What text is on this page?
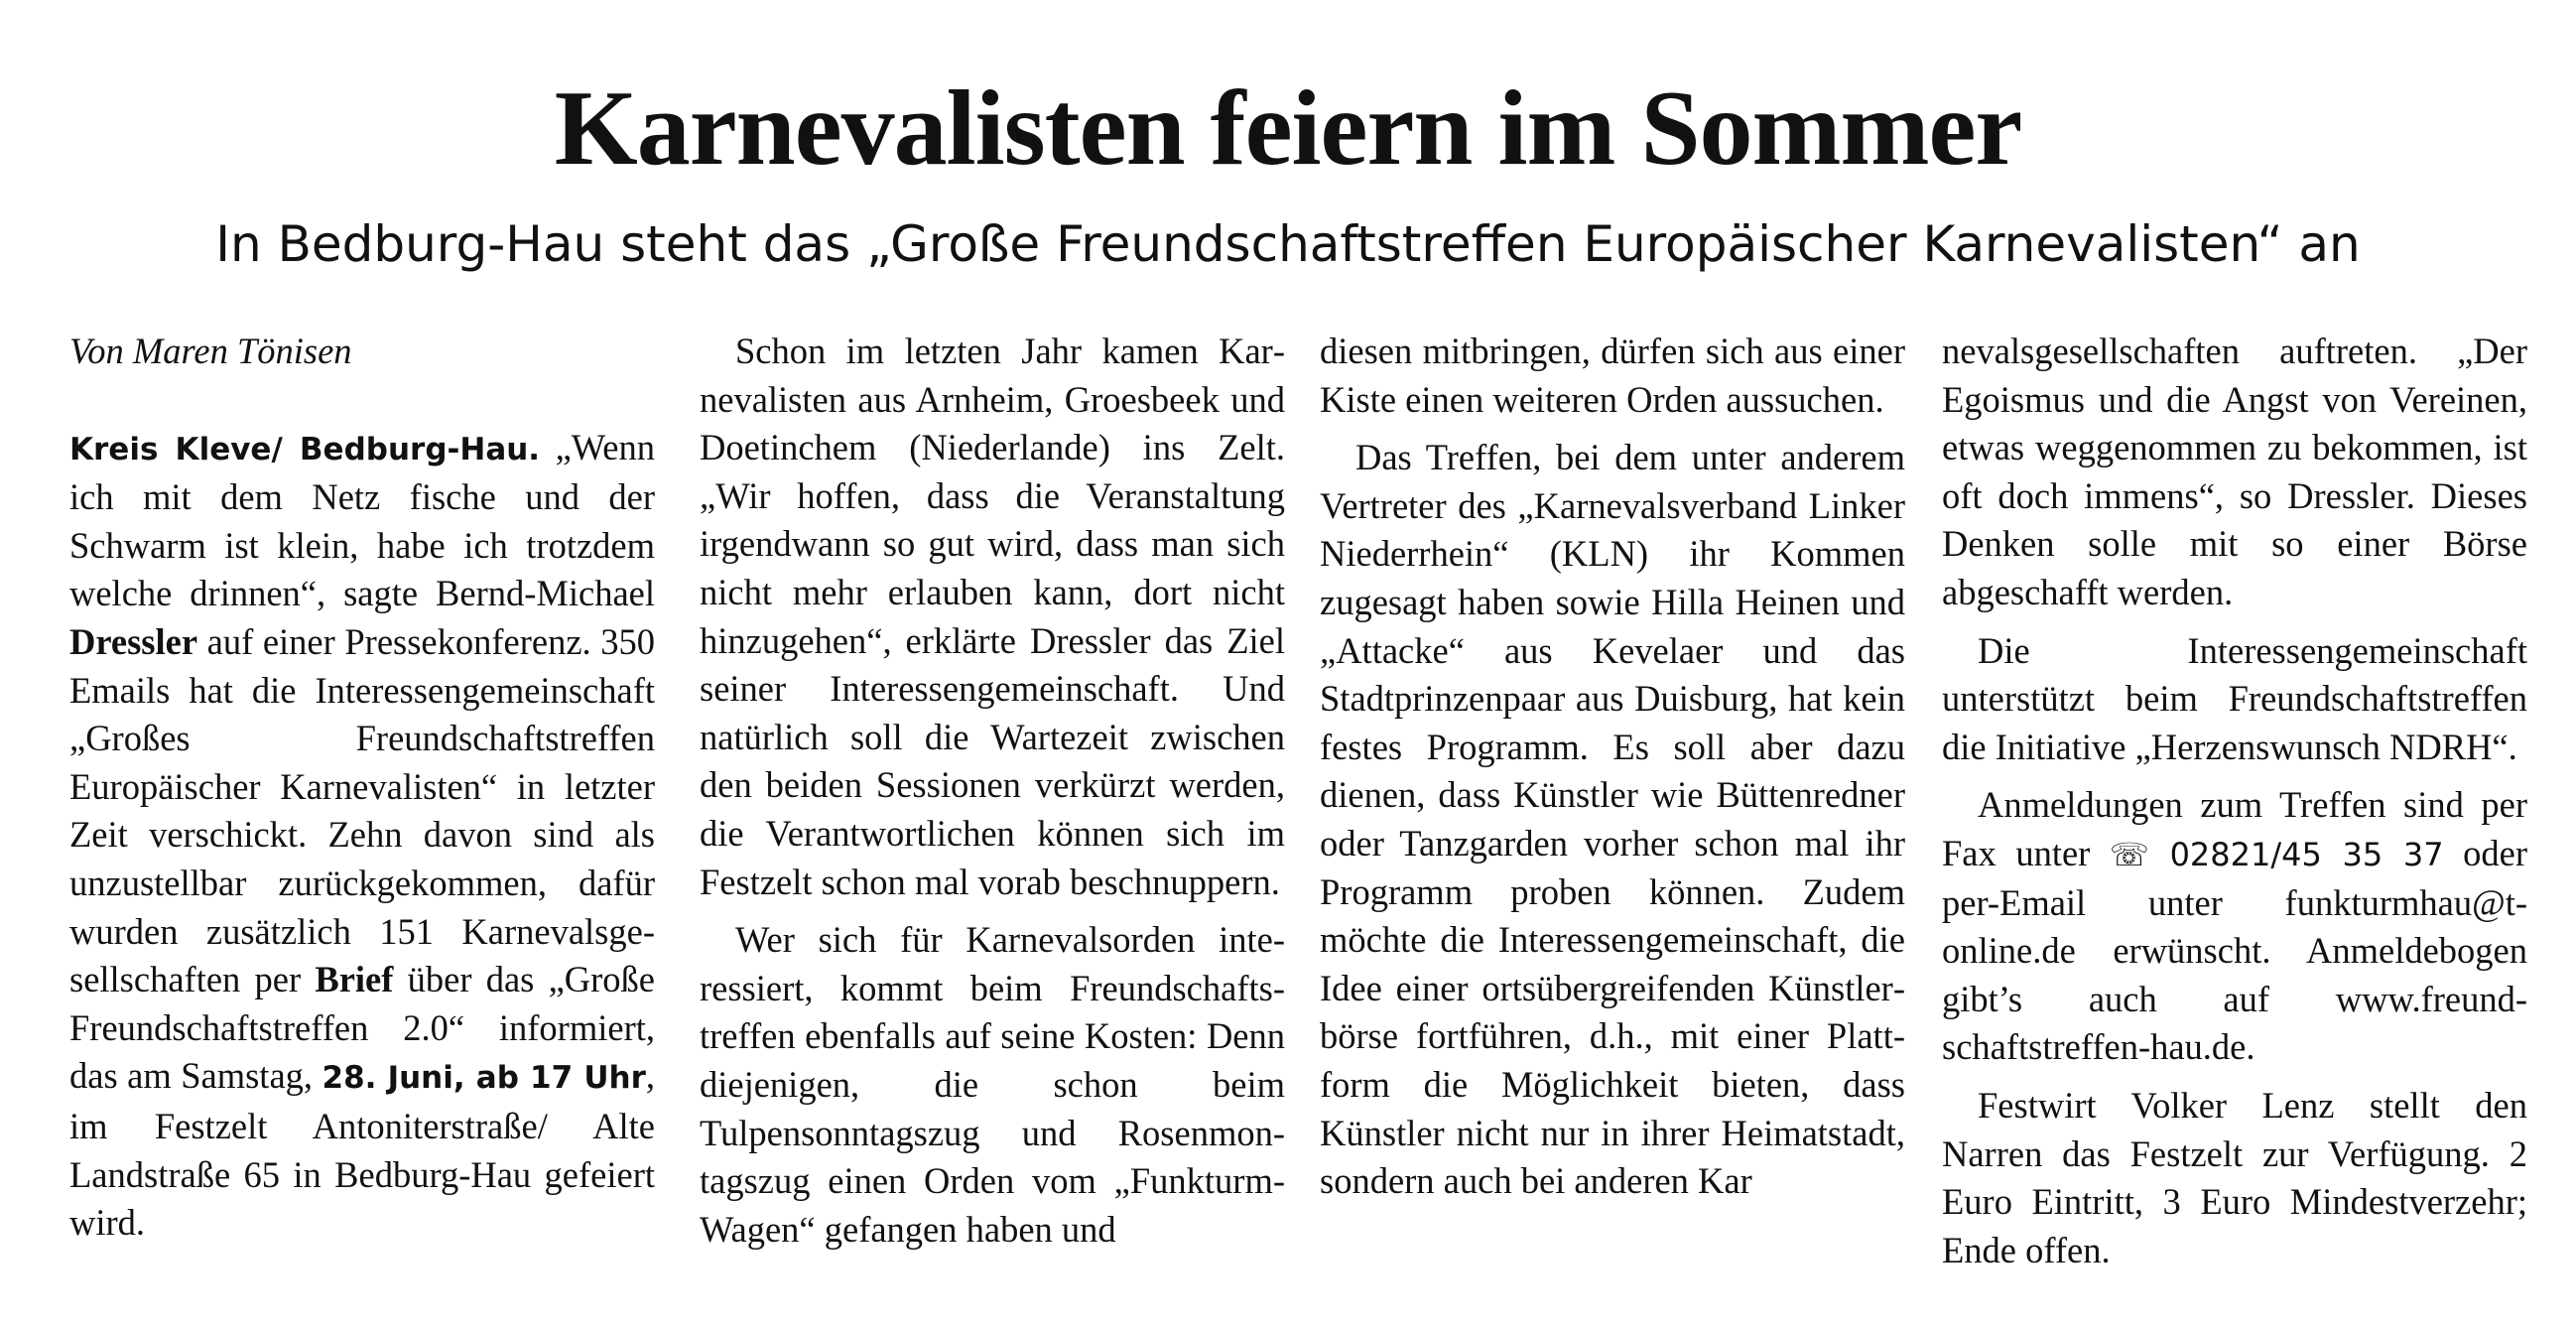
Karnevalisten feiern im Sommer

In Bedburg-Hau steht das „Große Freundschaftstreffen Europäischer Karnevalisten“ an

Von Maren Tönisen

Kreis Kleve/ Bedburg-Hau. „Wenn ich mit dem Netz fische und der Schwarm ist klein, habe ich trotzdem welche drinnen“, sagte Bernd-Michael Dressler auf einer Pressekonferenz. 350 Emails hat die Interessengemeinschaft „Großes Freundschaftstreffen Europäischer Karnevalisten“ in letzter Zeit verschickt. Zehn davon sind als unzustellbar zurückgekommen, dafür wurden zusätzlich 151 Karnevalsgesellschaften per Brief über das „Große Freundschaftstreffen 2.0“ informiert, das am Samstag, 28. Juni, ab 17 Uhr, im Festzelt Antoniterstraße/ Alte Landstraße 65 in Bedburg-Hau gefeiert wird.

Schon im letzten Jahr kamen Karnevalisten aus Arnheim, Groesbeek und Doetinchem (Niederlande) ins Zelt. „Wir hoffen, dass die Veranstaltung irgendwann so gut wird, dass man sich nicht mehr erlauben kann, dort nicht hinzugehen“, erklärte Dressler das Ziel seiner Interessengemeinschaft. Und natürlich soll die Wartezeit zwischen den beiden Sessionen verkürzt werden, die Verantwortlichen können sich im Festzelt schon mal vorab beschnuppern.

Wer sich für Karnevalsorden interessiert, kommt beim Freundschaftstreffen ebenfalls auf seine Kosten: Denn diejenigen, die schon beim Tulpensonntagszug und Rosenmontagszug einen Orden vom „Funkturm-Wagen“ gefangen haben und

diesen mitbringen, dürfen sich aus einer Kiste einen weiteren Orden aussuchen.

Das Treffen, bei dem unter anderem Vertreter des „Karnevalsverband Linker Niederrhein“ (KLN) ihr Kommen zugesagt haben sowie Hilla Heinen und „Attacke“ aus Kevelaer und das Stadtprinzenpaar aus Duisburg, hat kein festes Programm. Es soll aber dazu dienen, dass Künstler wie Büttenredner oder Tanzgarden vorher schon mal ihr Programm proben können. Zudem möchte die Interessengemeinschaft, die Idee einer ortsübergreifenden Künstlerbörse fortführen, d.h., mit einer Plattform die Möglichkeit bieten, dass Künstler nicht nur in ihrer Heimatstadt, sondern auch bei anderen Kar

nevalsgesellschaften auftreten. „Der Egoismus und die Angst von Vereinen, etwas weggenommen zu bekommen, ist oft doch immens“, so Dressler. Dieses Denken solle mit so einer Börse abgeschafft werden.

Die Interessengemeinschaft unterstützt beim Freundschaftstreffen die Initiative „Herzenswunsch NDRH“.

Anmeldungen zum Treffen sind per Fax unter ☏ 02821/45 35 37 oder per-Email unter funkturmhau@t-online.de erwünscht. Anmeldebogen gibt’s auch auf www.freundschaftstreffen-hau.de.

Festwirt Volker Lenz stellt den Narren das Festzelt zur Verfügung. 2 Euro Eintritt, 3 Euro Mindestverzehr; Ende offen.
